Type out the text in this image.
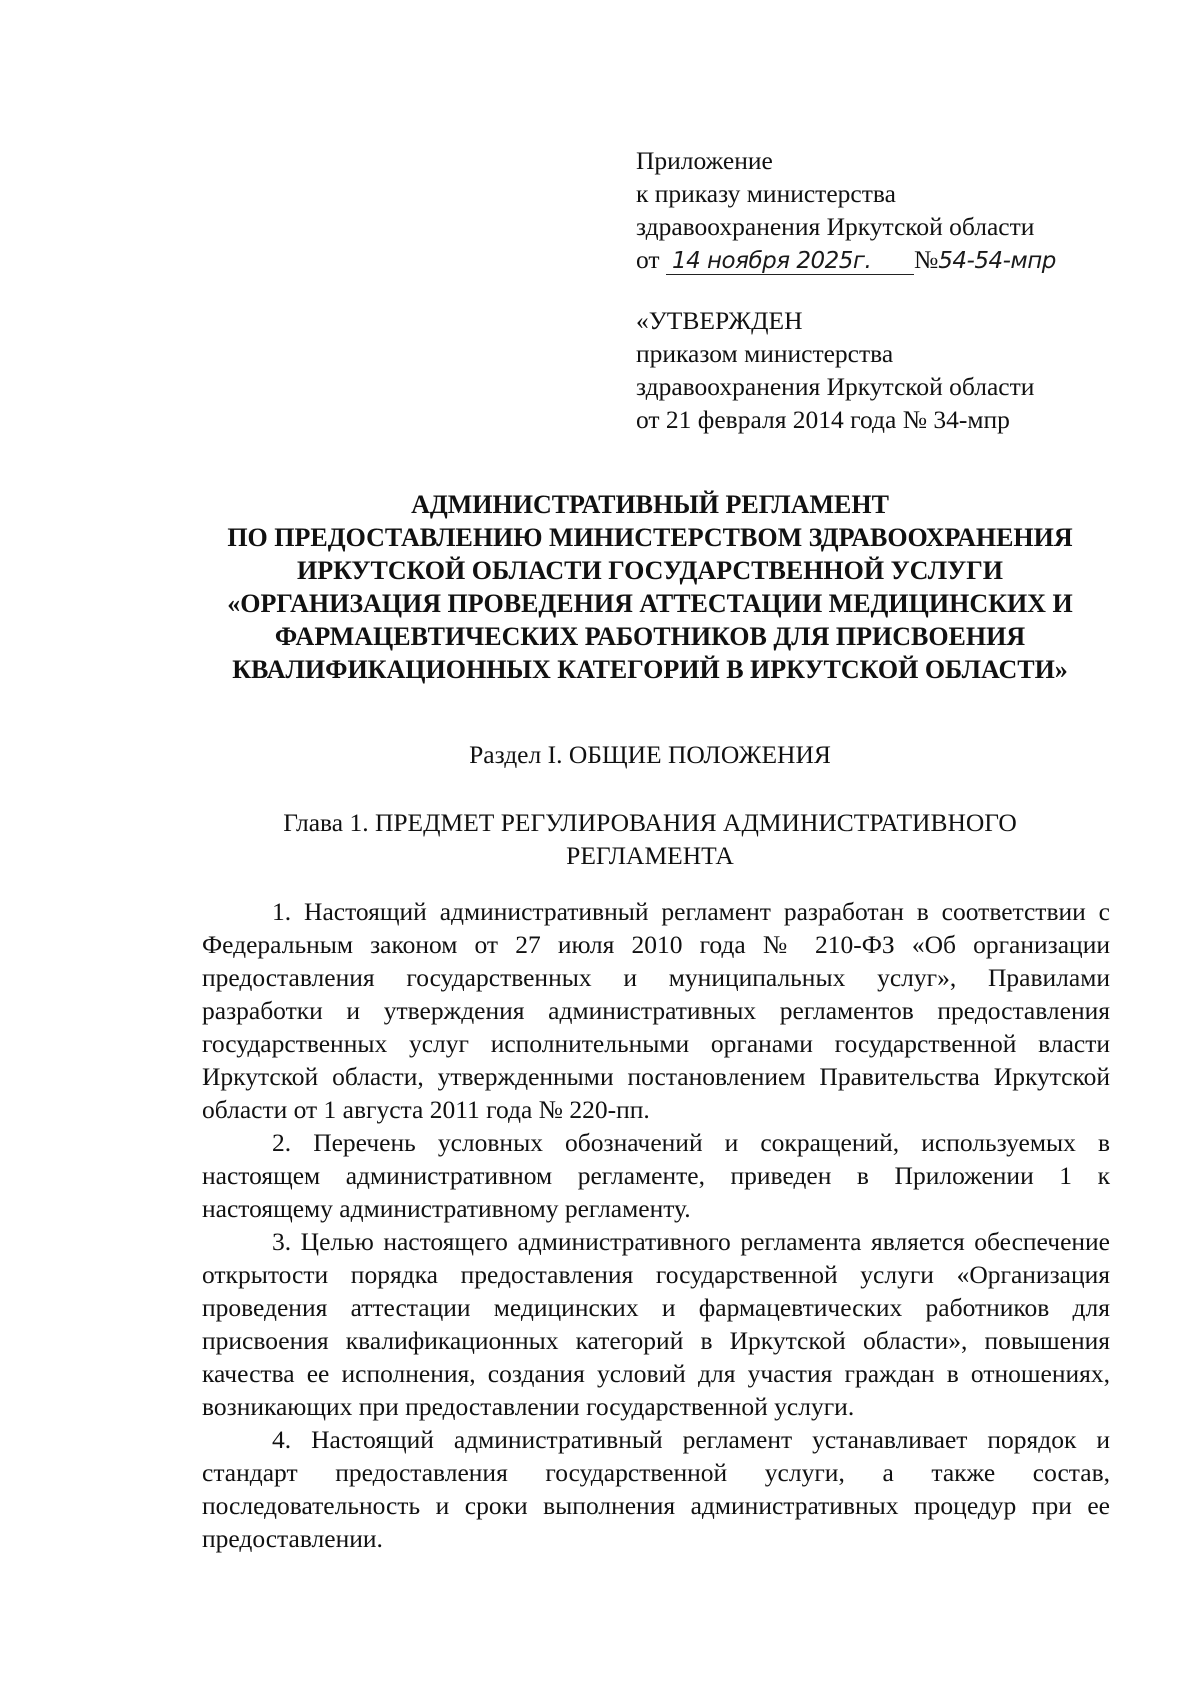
Приложение
к приказу министерства
здравоохранения Иркутской области
от 14 ноября 2025г. №54-54-мпр
«УТВЕРЖДЕН
приказом министерства
здравоохранения Иркутской области
от 21 февраля 2014 года № 34-мпр
АДМИНИСТРАТИВНЫЙ РЕГЛАМЕНТ
ПО ПРЕДОСТАВЛЕНИЮ МИНИСТЕРСТВОМ ЗДРАВООХРАНЕНИЯ
ИРКУТСКОЙ ОБЛАСТИ ГОСУДАРСТВЕННОЙ УСЛУГИ
«ОРГАНИЗАЦИЯ ПРОВЕДЕНИЯ АТТЕСТАЦИИ МЕДИЦИНСКИХ И
ФАРМАЦЕВТИЧЕСКИХ РАБОТНИКОВ ДЛЯ ПРИСВОЕНИЯ
КВАЛИФИКАЦИОННЫХ КАТЕГОРИЙ В ИРКУТСКОЙ ОБЛАСТИ»
Раздел I. ОБЩИЕ ПОЛОЖЕНИЯ
Глава 1. ПРЕДМЕТ РЕГУЛИРОВАНИЯ АДМИНИСТРАТИВНОГО
РЕГЛАМЕНТА

1. Настоящий административный регламент разработан в соответствии с Федеральным законом от 27 июля 2010 года № 210-ФЗ «Об организации предоставления государственных и муниципальных услуг», Правилами разработки и утверждения административных регламентов предоставления государственных услуг исполнительными органами государственной власти Иркутской области, утвержденными постановлением Правительства Иркутской области от 1 августа 2011 года № 220-пп.

2. Перечень условных обозначений и сокращений, используемых в настоящем административном регламенте, приведен в Приложении 1 к настоящему административному регламенту.

3. Целью настоящего административного регламента является обеспечение открытости порядка предоставления государственной услуги «Организация проведения аттестации медицинских и фармацевтических работников для присвоения квалификационных категорий в Иркутской области», повышения качества ее исполнения, создания условий для участия граждан в отношениях, возникающих при предоставлении государственной услуги.

4. Настоящий административный регламент устанавливает порядок и стандарт предоставления государственной услуги, а также состав, последовательность и сроки выполнения административных процедур при ее предоставлении.
